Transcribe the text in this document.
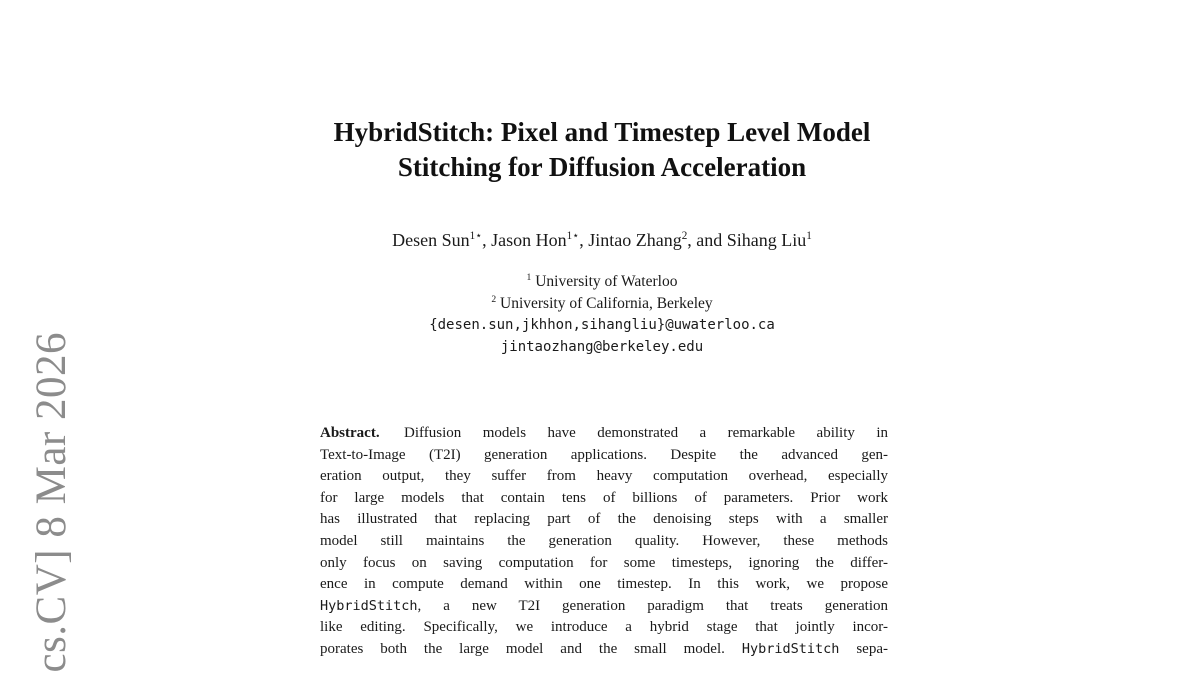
cs.CV] 8 Mar 2026
HybridStitch: Pixel and Timestep Level Model
Stitching for Diffusion Acceleration
Desen Sun$^{1⋆}$, Jason Hon$^{1⋆}$, Jintao Zhang$^2$, and Sihang Liu$^1$
$^1$ University of Waterloo
$^2$ University of California, Berkeley
{desen.sun,jkhhon,sihangliu}@uwaterloo.ca
jintaozhang@berkeley.edu
Abstract. Diffusion models have demonstrated a remarkable ability in
Text-to-Image (T2I) generation applications. Despite the advanced gen-
eration output, they suffer from heavy computation overhead, especially
for large models that contain tens of billions of parameters. Prior work
has illustrated that replacing part of the denoising steps with a smaller
model still maintains the generation quality. However, these methods
only focus on saving computation for some timesteps, ignoring the differ-
ence in compute demand within one timestep. In this work, we propose
HybridStitch, a new T2I generation paradigm that treats generation
like editing. Specifically, we introduce a hybrid stage that jointly incor-
porates both the large model and the small model. HybridStitch sepa-
